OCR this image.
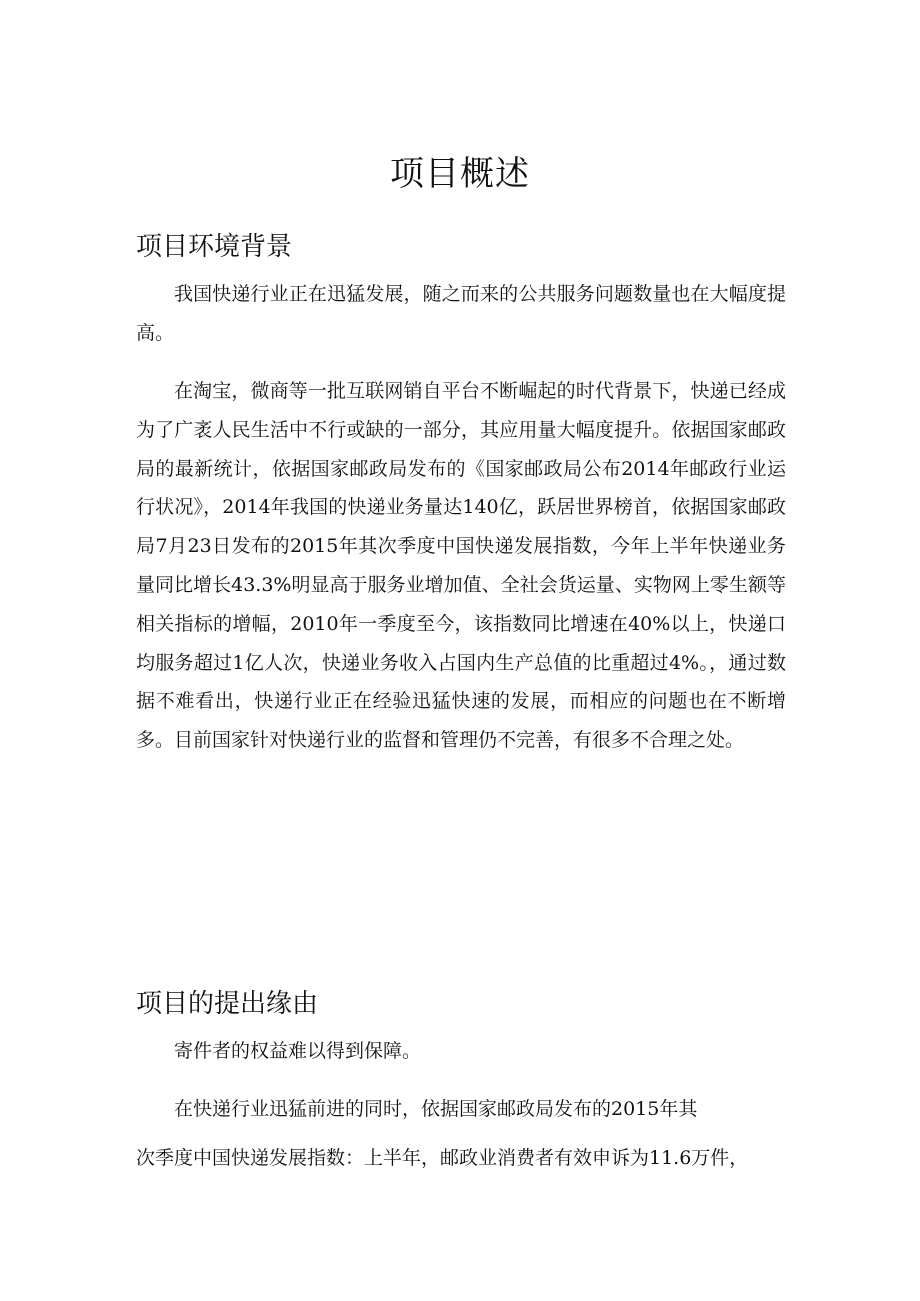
项目概述
项目环境背景

我国快递行业正在迅猛发展，随之而来的公共服务问题数量也在大幅度提高。

在淘宝，微商等一批互联网销自平台不断崛起的时代背景下，快递已经成为了广袤人民生活中不行或缺的一部分，其应用量大幅度提升。依据国家邮政局的最新统计，依据国家邮政局发布的《国家邮政局公布2014年邮政行业运行状况》，2014年我国的快递业务量达140亿，跃居世界榜首，依据国家邮政局7月23日发布的2015年其次季度中国快递发展指数，今年上半年快递业务量同比增长43.3%明显高于服务业增加值、全社会货运量、实物网上零生额等相关指标的增幅，2010年一季度至今，该指数同比增速在40%以上，快递口均服务超过1亿人次，快递业务收入占国内生产总值的比重超过4%。，通过数据不难看出，快递行业正在经验迅猛快速的发展，而相应的问题也在不断增多。目前国家针对快递行业的监督和管理仍不完善，有很多不合理之处。

项目的提出缘由

寄件者的权益难以得到保障。

在快递行业迅猛前进的同时，依据国家邮政局发布的2015年其

次季度中国快递发展指数：上半年，邮政业消费者有效申诉为11.6万件，
